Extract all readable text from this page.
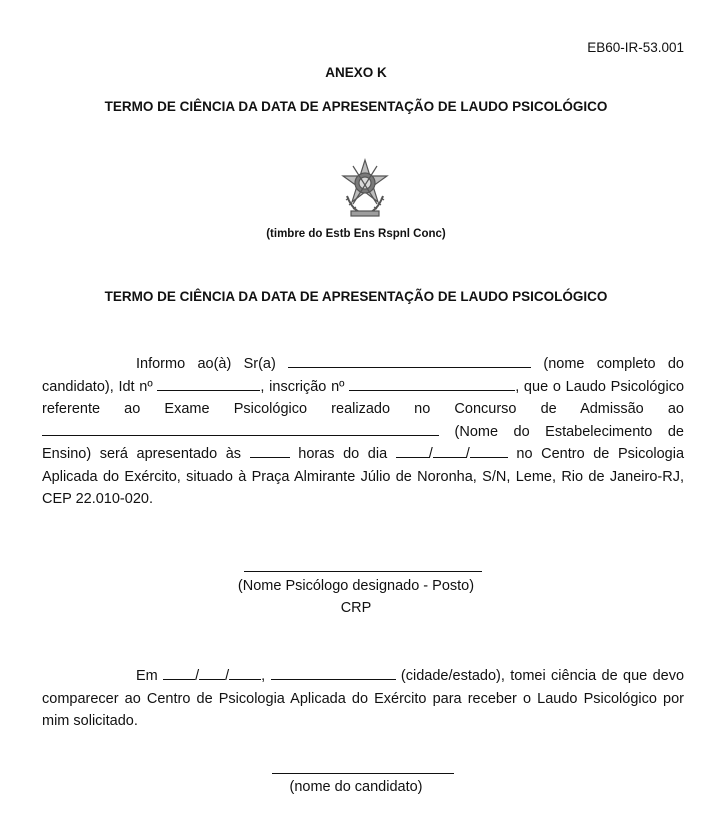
EB60-IR-53.001
ANEXO K
TERMO DE CIÊNCIA DA DATA DE APRESENTAÇÃO DE LAUDO PSICOLÓGICO
(timbre do Estb Ens Rspnl Conc)
TERMO DE CIÊNCIA DA DATA DE APRESENTAÇÃO DE LAUDO PSICOLÓGICO
Informo ao(à) Sr(a)	(nome completo do candidato), Idt nº	, inscrição nº	, que o Laudo Psicológico referente ao Exame Psicológico realizado no Concurso de Admissão ao  (Nome do Estabelecimento de Ensino) será apresentado às	horas do dia	/ /	no Centro de Psicologia Aplicada do Exército, situado à Praça Almirante Júlio de Noronha, S/N, Leme, Rio de Janeiro-RJ, CEP 22.010-020.
(Nome Psicólogo designado - Posto)
CRP
Em	/ / ,	(cidade/estado), tomei ciência de que devo comparecer ao Centro de Psicologia Aplicada do Exército para receber o Laudo Psicológico por mim solicitado.
(nome do candidato)
